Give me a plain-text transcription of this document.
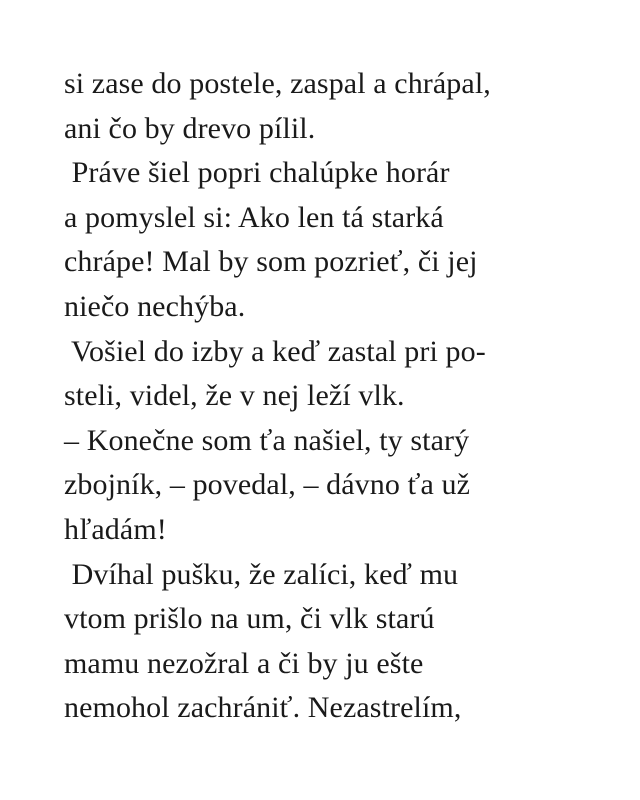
si zase do postele, zaspal a chrápal,
ani čo by drevo pílil.
Práve šiel popri chalúpke horár
a pomyslel si: Ako len tá starká
chrápe! Mal by som pozrieť, či jej
niečo nechýba.
Vošiel do izby a keď zastal pri po-
steli, videl, že v nej leží vlk.
– Konečne som ťa našiel, ty starý
zbojník, – povedal, – dávno ťa už
hľadám!
Dvíhal pušku, že zalíci, keď mu
vtom prišlo na um, či vlk starú
mamu nezožral a či by ju ešte
nemohol zachrániť. Nezastrelím,
